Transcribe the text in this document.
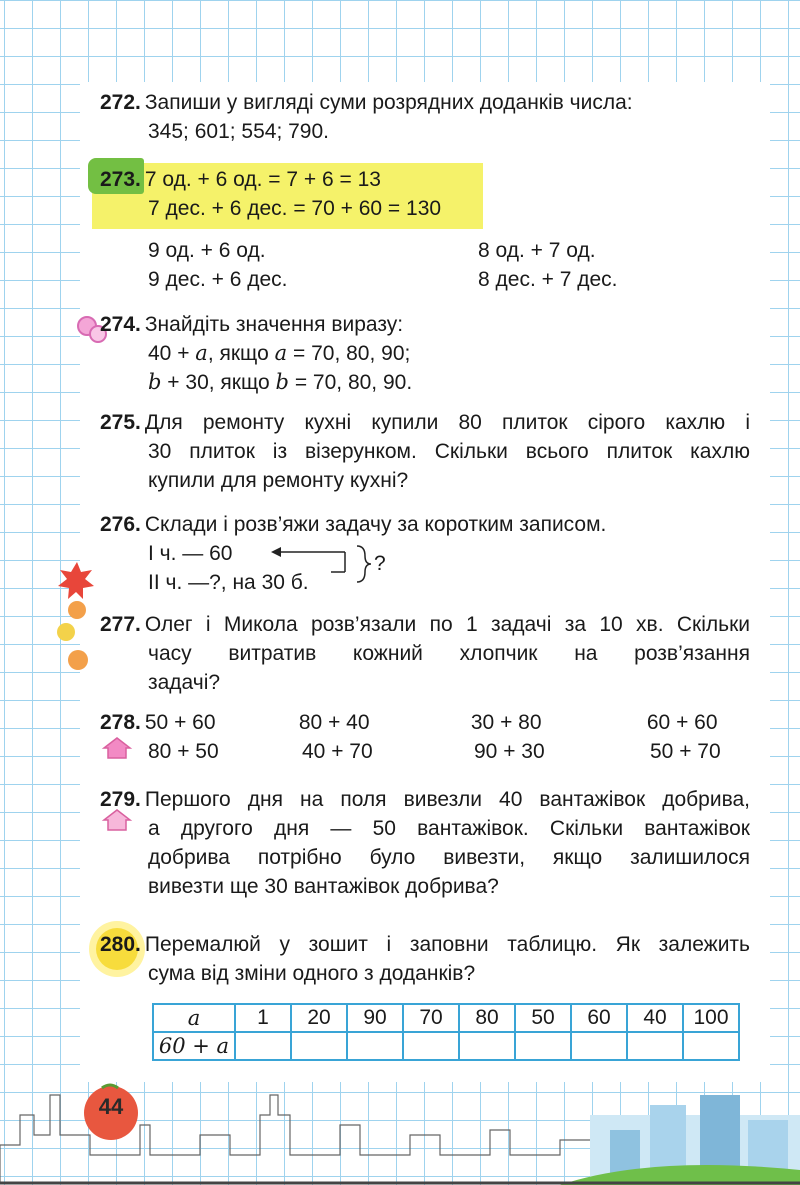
272. Запиши у вигляді суми розрядних доданків числа:
345; 601; 554; 790.
273. 7 од. + 6 од. = 7 + 6 = 13
7 дес. + 6 дес. = 70 + 60 = 130
9 од. + 6 од.	8 од. + 7 од.
9 дес. + 6 дес.	8 дес. + 7 дес.
274. Знайдіть значення виразу:
40 + a, якщо a = 70, 80, 90;
b + 30, якщо b = 70, 80, 90.
275. Для ремонту кухні купили 80 плиток сірого кахлю і
30 плиток із візерунком. Скільки всього плиток кахлю
купили для ремонту кухні?
276. Склади і розв’яжи задачу за коротким записом.
І ч. — 60
ІІ ч. —?, на 30 б.
?
277. Олег і Микола розв’язали по 1 задачі за 10 хв. Скільки
часу витратив кожний хлопчик на розв’язання
задачі?
278. 50 + 60	80 + 40	30 + 80	60 + 60
80 + 50	40 + 70	90 + 30	50 + 70
279. Першого дня на поля вивезли 40 вантажівок добрива,
а другого дня — 50 вантажівок. Скільки вантажівок
добрива потрібно було вивезти, якщо залишилося
вивезти ще 30 вантажівок добрива?
280. Перемалюй у зошит і заповни таблицю. Як залежить
сума від зміни одного з доданків?
a	1	20	90	70	80	50	60	40	100
60 + a									
44
